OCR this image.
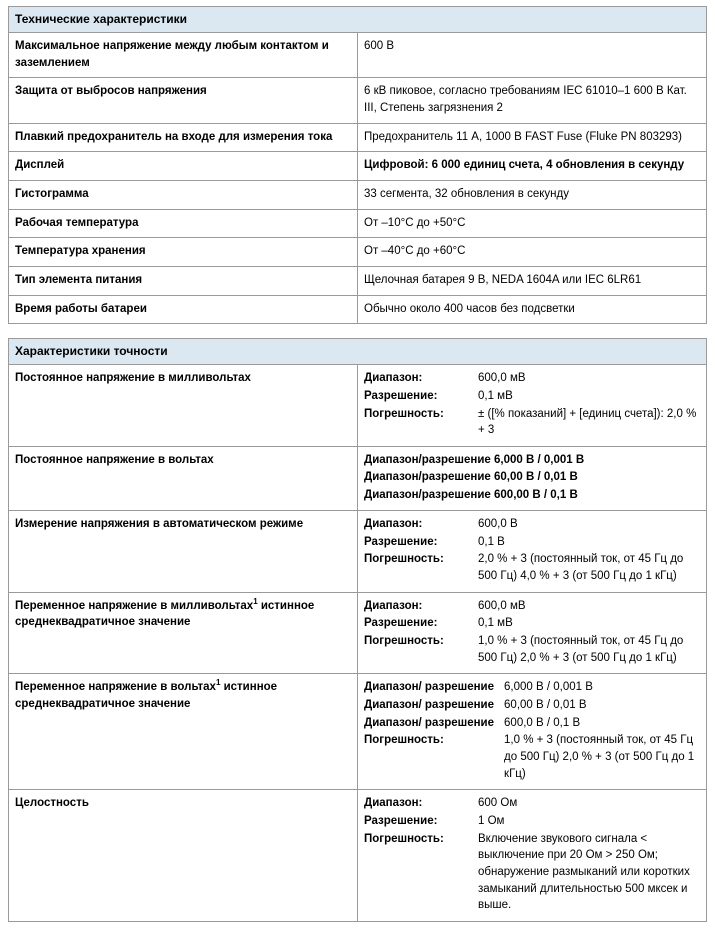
Технические характеристики	
Максимальное напряжение между любым контактом и заземлением	600 В
Защита от выбросов напряжения	6 кВ пиковое, согласно требованиям IEC 61010–1 600 В Кат. III, Степень загрязнения 2
Плавкий предохранитель на входе для измерения тока	Предохранитель 11 А, 1000 В FAST Fuse (Fluke PN 803293)
Дисплей	Цифровой: 6 000 единиц счета, 4 обновления в секунду
Гистограмма	33 сегмента, 32 обновления в секунду
Рабочая температура	От –10°C до +50°C
Температура хранения	От –40°C до +60°C
Тип элемента питания	Щелочная батарея 9 В, NEDA 1604A или IEC 6LR61
Время работы батареи	Обычно около 400 часов без подсветки
Характеристики точности	
Постоянное напряжение в милливольтах	Диапазон:	600,0 мВ
Разрешение:	0,1 мВ
Погрешность:	± ([% показаний] + [единиц счета]): 2,0 % + 3

Постоянное напряжение в вольтах	Диапазон/разрешение 6,000 В / 0,001 В
Диапазон/разрешение 60,00 В / 0,01 В
Диапазон/разрешение 600,00 В / 0,1 В

Измерение напряжения в автоматическом режиме	Диапазон:	600,0 В
Разрешение:	0,1 В
Погрешность:	2,0 % + 3 (постоянный ток, от 45 Гц до 500 Гц) 4,0 % + 3 (от 500 Гц до 1 кГц)

Переменное напряжение в милливольтах$^1$ истинное среднеквадратичное значение	Диапазон:	600,0 мВ
Разрешение:	0,1 мВ
Погрешность:	1,0 % + 3 (постоянный ток, от 45 Гц до 500 Гц) 2,0 % + 3 (от 500 Гц до 1 кГц)

Переменное напряжение в вольтах$^1$ истинное среднеквадратичное значение	Диапазон/ разрешение	6,000 В / 0,001 В
Диапазон/ разрешение	60,00 В / 0,01 В
Диапазон/ разрешение	600,0 В / 0,1 В
Погрешность:	1,0 % + 3 (постоянный ток, от 45 Гц до 500 Гц) 2,0 % + 3 (от 500 Гц до 1 кГц)

Целостность	Диапазон:	600 Ом
Разрешение:	1 Ом
Погрешность:	Включение звукового сигнала < выключение при 20 Ом > 250 Ом; обнаружение размыканий или коротких замыканий длительностью 500 мксек и выше.
